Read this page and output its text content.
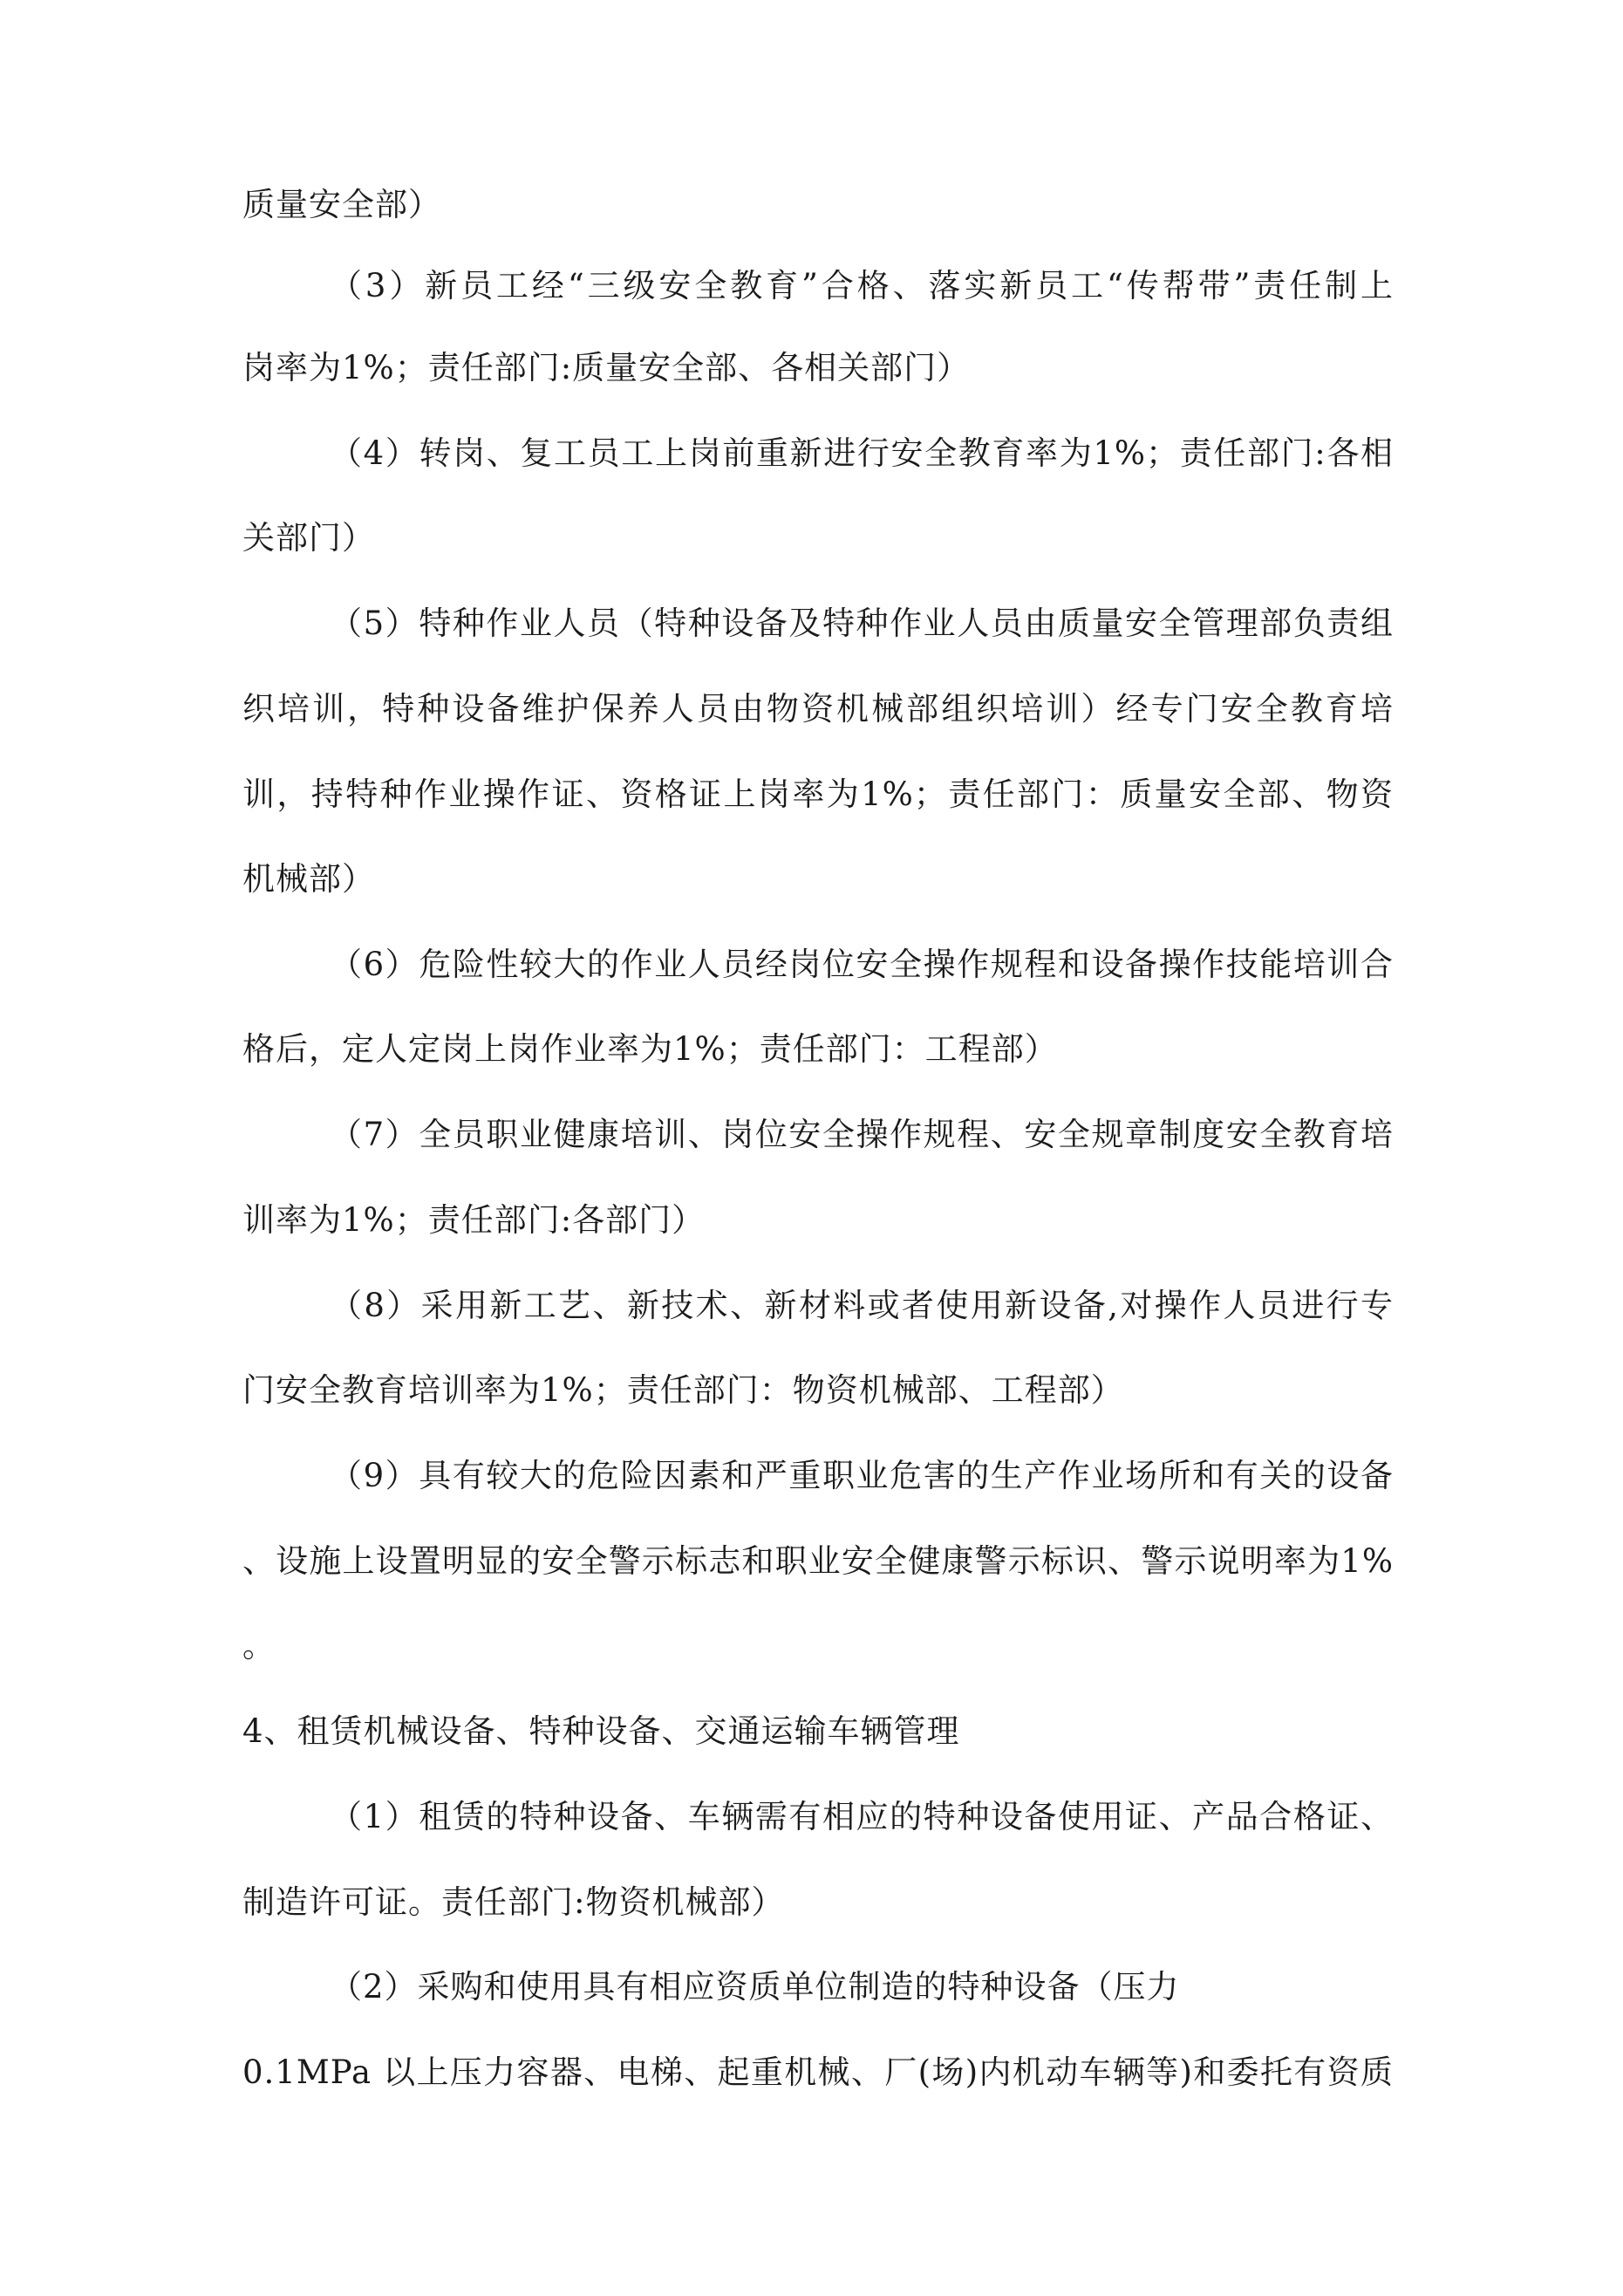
质量安全部）
（3）新员工经“三级安全教育”合格、落实新员工“传帮带”责任制上
岗率为1%；责任部门:质量安全部、各相关部门）
（4）转岗、复工员工上岗前重新进行安全教育率为1%；责任部门:各相
关部门）
（5）特种作业人员（特种设备及特种作业人员由质量安全管理部负责组
织培训，特种设备维护保养人员由物资机械部组织培训）经专门安全教育培
训，持特种作业操作证、资格证上岗率为1%；责任部门：质量安全部、物资
机械部）
（6）危险性较大的作业人员经岗位安全操作规程和设备操作技能培训合
格后，定人定岗上岗作业率为1%；责任部门：工程部）
（7）全员职业健康培训、岗位安全操作规程、安全规章制度安全教育培
训率为1%；责任部门:各部门）
（8）采用新工艺、新技术、新材料或者使用新设备,对操作人员进行专
门安全教育培训率为1%；责任部门：物资机械部、工程部）
（9）具有较大的危险因素和严重职业危害的生产作业场所和有关的设备
、设施上设置明显的安全警示标志和职业安全健康警示标识、警示说明率为1%
。
4、租赁机械设备、特种设备、交通运输车辆管理
（1）租赁的特种设备、车辆需有相应的特种设备使用证、产品合格证、
制造许可证。责任部门:物资机械部）
（2）采购和使用具有相应资质单位制造的特种设备（压力
0.1MPa 以上压力容器、电梯、起重机械、厂(场)内机动车辆等)和委托有资质
